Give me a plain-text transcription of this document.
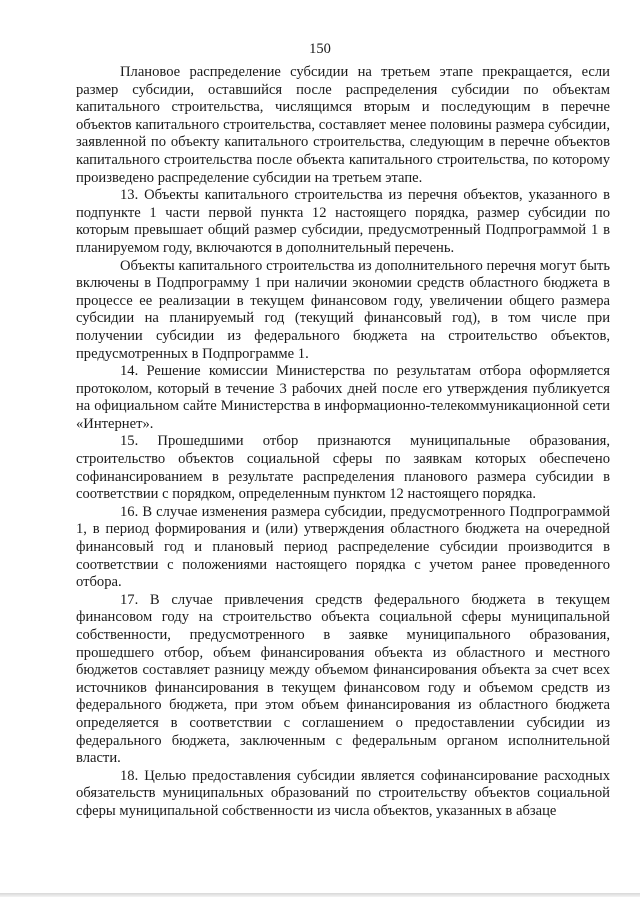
150

Плановое распределение субсидии на третьем этапе прекращается, если размер субсидии, оставшийся после распределения субсидии по объектам капитального строительства, числящимся вторым и последующим в перечне объектов капитального строительства, составляет менее половины размера субсидии, заявленной по объекту капитального строительства, следующим в перечне объектов капитального строительства после объекта капитального строительства, по которому произведено распределение субсидии на третьем этапе.

13. Объекты капитального строительства из перечня объектов, указанного в подпункте 1 части первой пункта 12 настоящего порядка, размер субсидии по которым превышает общий размер субсидии, предусмотренный Подпрограммой 1 в планируемом году, включаются в дополнительный перечень.

Объекты капитального строительства из дополнительного перечня могут быть включены в Подпрограмму 1 при наличии экономии средств областного бюджета в процессе ее реализации в текущем финансовом году, увеличении общего размера субсидии на планируемый год (текущий финансовый год), в том числе при получении субсидии из федерального бюджета на строительство объектов, предусмотренных в Подпрограмме 1.

14. Решение комиссии Министерства по результатам отбора оформляется протоколом, который в течение 3 рабочих дней после его утверждения публикуется на официальном сайте Министерства в информационно-телекоммуникационной сети «Интернет».

15. Прошедшими отбор признаются муниципальные образования, строительство объектов социальной сферы по заявкам которых обеспечено софинансированием в результате распределения планового размера субсидии в соответствии с порядком, определенным пунктом 12 настоящего порядка.

16. В случае изменения размера субсидии, предусмотренного Подпрограммой 1, в период формирования и (или) утверждения областного бюджета на очередной финансовый год и плановый период распределение субсидии производится в соответствии с положениями настоящего порядка с учетом ранее проведенного отбора.

17. В случае привлечения средств федерального бюджета в текущем финансовом году на строительство объекта социальной сферы муниципальной собственности, предусмотренного в заявке муниципального образования, прошедшего отбор, объем финансирования объекта из областного и местного бюджетов составляет разницу между объемом финансирования объекта за счет всех источников финансирования в текущем финансовом году и объемом средств из федерального бюджета, при этом объем финансирования из областного бюджета определяется в соответствии с соглашением о предоставлении субсидии из федерального бюджета, заключенным с федеральным органом исполнительной власти.

18. Целью предоставления субсидии является софинансирование расходных обязательств муниципальных образований по строительству объектов социальной сферы муниципальной собственности из числа объектов, указанных в абзаце
